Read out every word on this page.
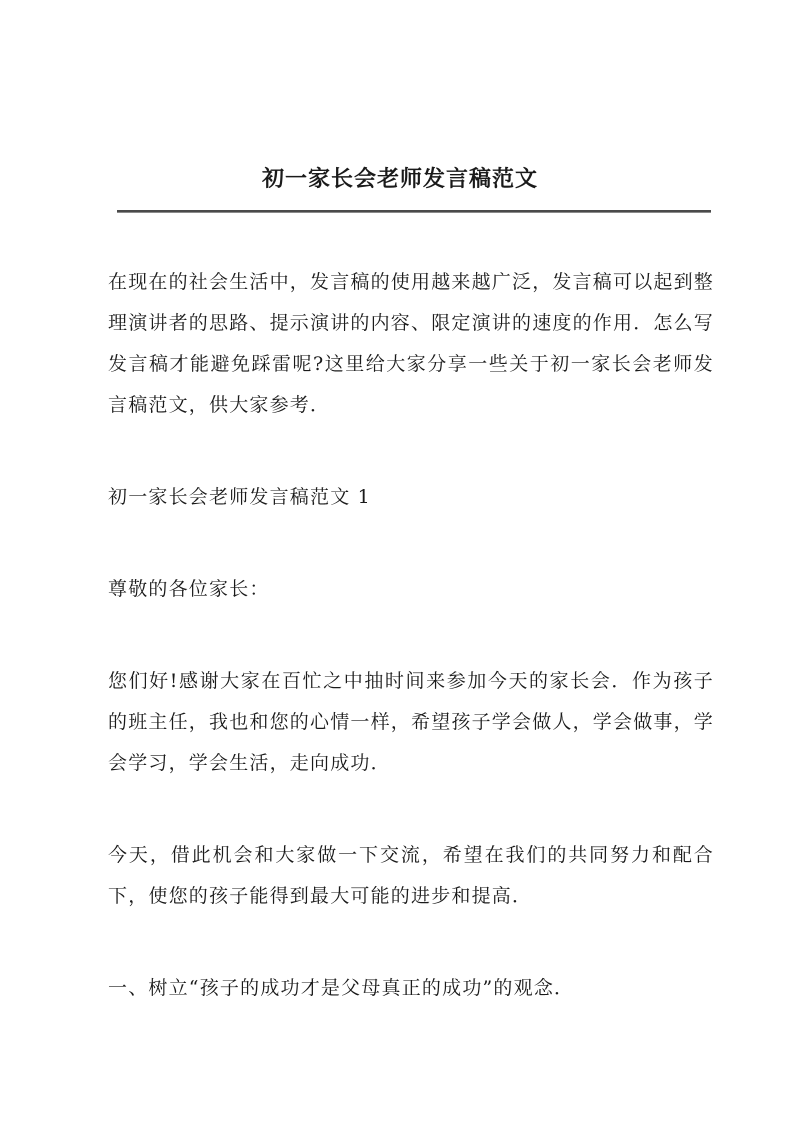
初一家长会老师发言稿范文

在现在的社会生活中，发言稿的使用越来越广泛，发言稿可以起到整理演讲者的思路、提示演讲的内容、限定演讲的速度的作用．怎么写发言稿才能避免踩雷呢?这里给大家分享一些关于初一家长会老师发言稿范文，供大家参考．

初一家长会老师发言稿范文 1

尊敬的各位家长：

您们好!感谢大家在百忙之中抽时间来参加今天的家长会．作为孩子的班主任，我也和您的心情一样，希望孩子学会做人，学会做事，学会学习，学会生活，走向成功．

今天，借此机会和大家做一下交流，希望在我们的共同努力和配合下，使您的孩子能得到最大可能的进步和提高．

一、树立“孩子的成功才是父母真正的成功”的观念．
